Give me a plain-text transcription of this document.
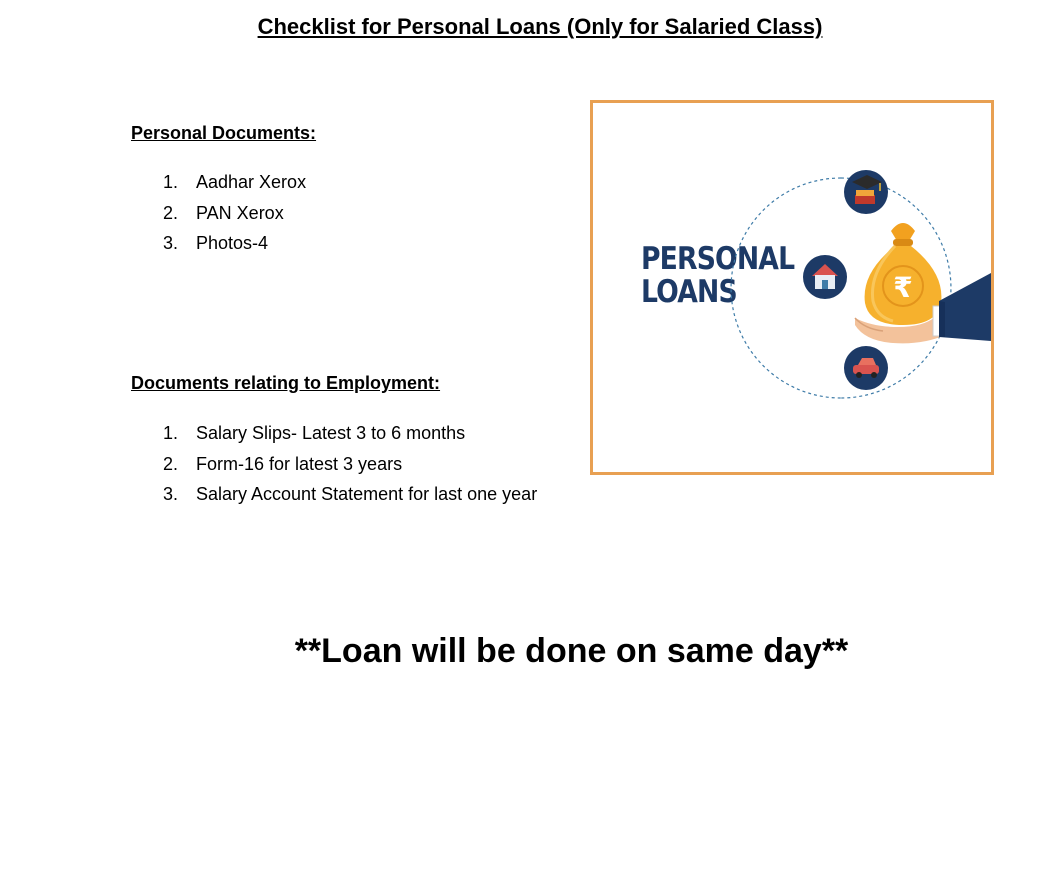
Checklist for Personal Loans (Only for Salaried Class)
Personal Documents:
1. Aadhar Xerox
2. PAN Xerox
3. Photos-4
Documents relating to Employment:
1. Salary Slips- Latest 3 to 6 months
2. Form-16 for latest 3 years
3. Salary Account Statement for last one year
PERSONAL
LOANS	₹

**Loan will be done on same day**
